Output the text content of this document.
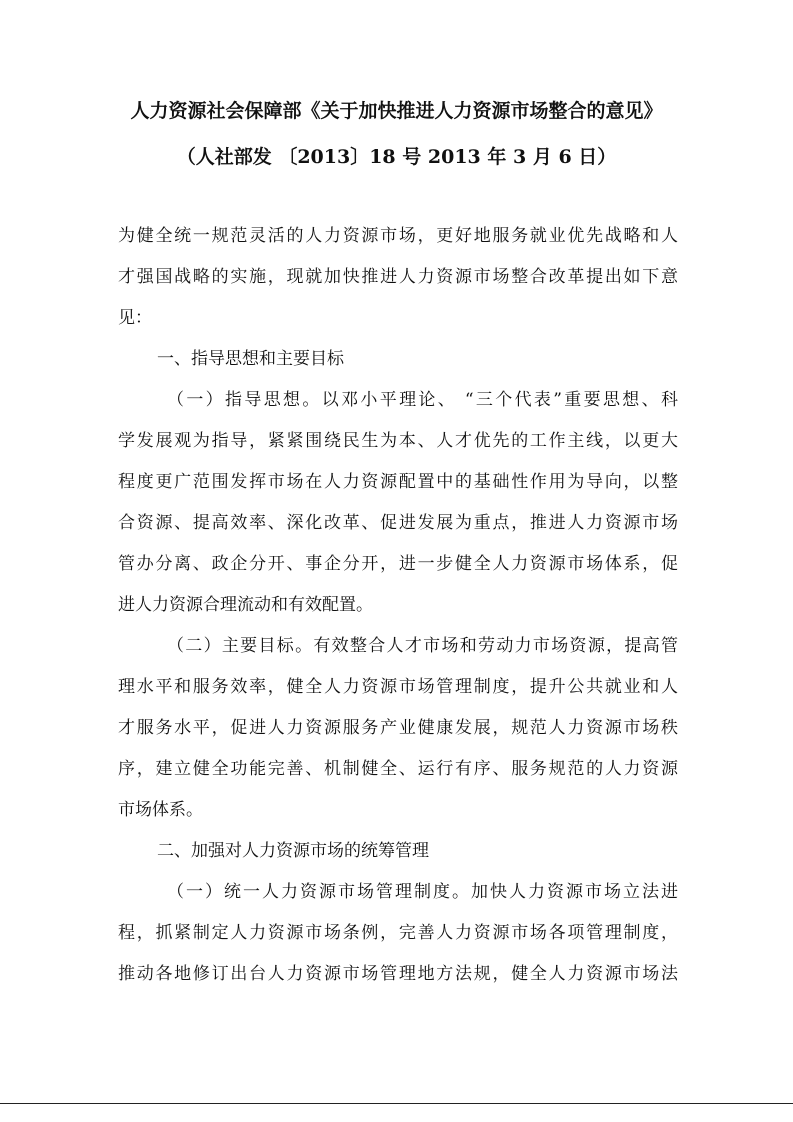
人力资源社会保障部《关于加快推进人力资源市场整合的意见》
（人社部发 〔2013〕18 号 2013 年 3 月 6 日）
为健全统一规范灵活的人力资源市场，更好地服务就业优先战略和人
才强国战略的实施，现就加快推进人力资源市场整合改革提出如下意
见：
一、指导思想和主要目标
（一）指导思想。以邓小平理论、 “三个代表”重要思想、科
学发展观为指导，紧紧围绕民生为本、人才优先的工作主线，以更大
程度更广范围发挥市场在人力资源配置中的基础性作用为导向，以整
合资源、提高效率、深化改革、促进发展为重点，推进人力资源市场
管办分离、政企分开、事企分开，进一步健全人力资源市场体系，促
进人力资源合理流动和有效配置。
（二）主要目标。有效整合人才市场和劳动力市场资源，提高管
理水平和服务效率，健全人力资源市场管理制度，提升公共就业和人
才服务水平，促进人力资源服务产业健康发展，规范人力资源市场秩
序，建立健全功能完善、机制健全、运行有序、服务规范的人力资源
市场体系。
二、加强对人力资源市场的统筹管理
（一）统一人力资源市场管理制度。加快人力资源市场立法进
程，抓紧制定人力资源市场条例，完善人力资源市场各项管理制度，
推动各地修订出台人力资源市场管理地方法规，健全人力资源市场法
